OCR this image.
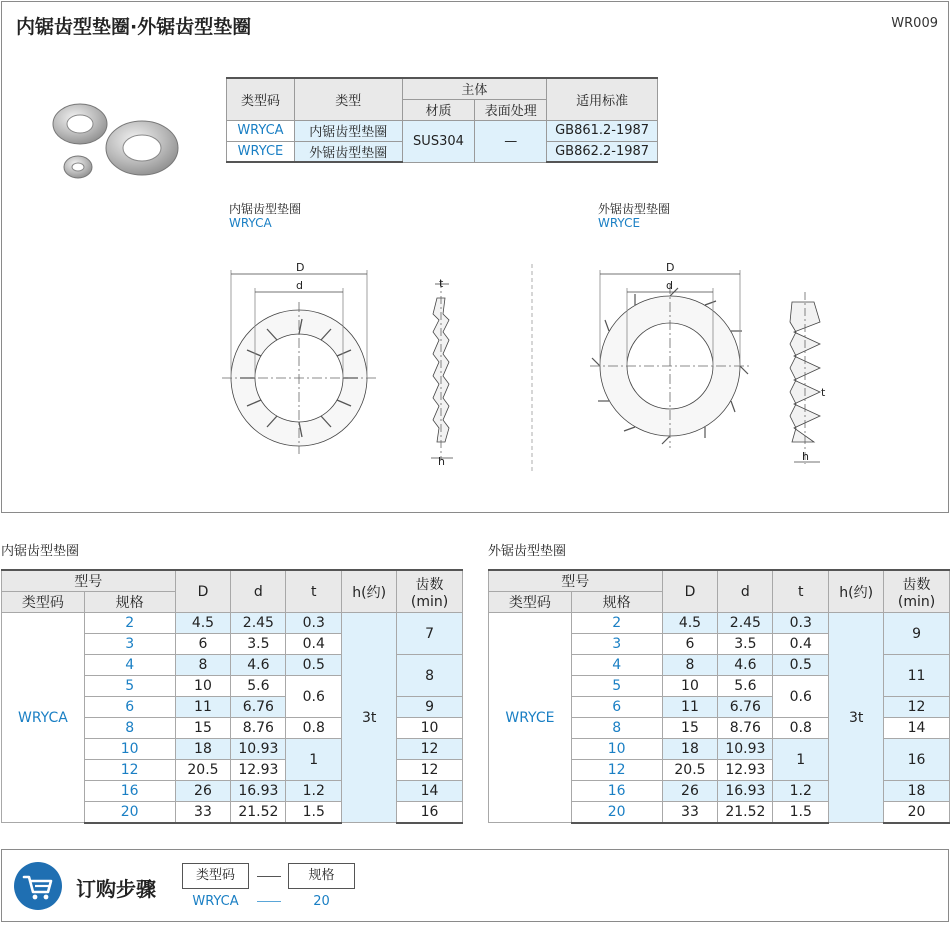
内锯齿型垫圈·外锯齿型垫圈	WR009
类型码	类型	主体		适用标准
		材质	表面处理	
WRYCA	内锯齿型垫圈	SUS304	—	GB861.2-1987
WRYCE	外锯齿型垫圈			GB862.2-1987
内锯齿型垫圈
WRYCA
外锯齿型垫圈
WRYCE
D
d	t
h
D
d
t
h
内锯齿型垫圈	外锯齿型垫圈
型号		D	d	t	h(约)	齿数
(min)
类型码	规格					
WRYCA	2	4.5	2.45	0.3	3t	7
	3	6	3.5	0.4		
	4	8	4.6	0.5		8
	5	10	5.6	0.6		
	6	11	6.76			9
	8	15	8.76	0.8		10
	10	18	10.93	1		12
	12	20.5	12.93			12
	16	26	16.93	1.2		14
	20	33	21.52	1.5		16
型号		D	d	t	h(约)	齿数
(min)
类型码	规格					
WRYCE	2	4.5	2.45	0.3	3t	9
	3	6	3.5	0.4		
	4	8	4.6	0.5		11
	5	10	5.6	0.6		
	6	11	6.76			12
	8	15	8.76	0.8		14
	10	18	10.93	1		16
	12	20.5	12.93			
	16	26	16.93	1.2		18
	20	33	21.52	1.5		20
订购步骤
类型码	规格
WRYCA	20
